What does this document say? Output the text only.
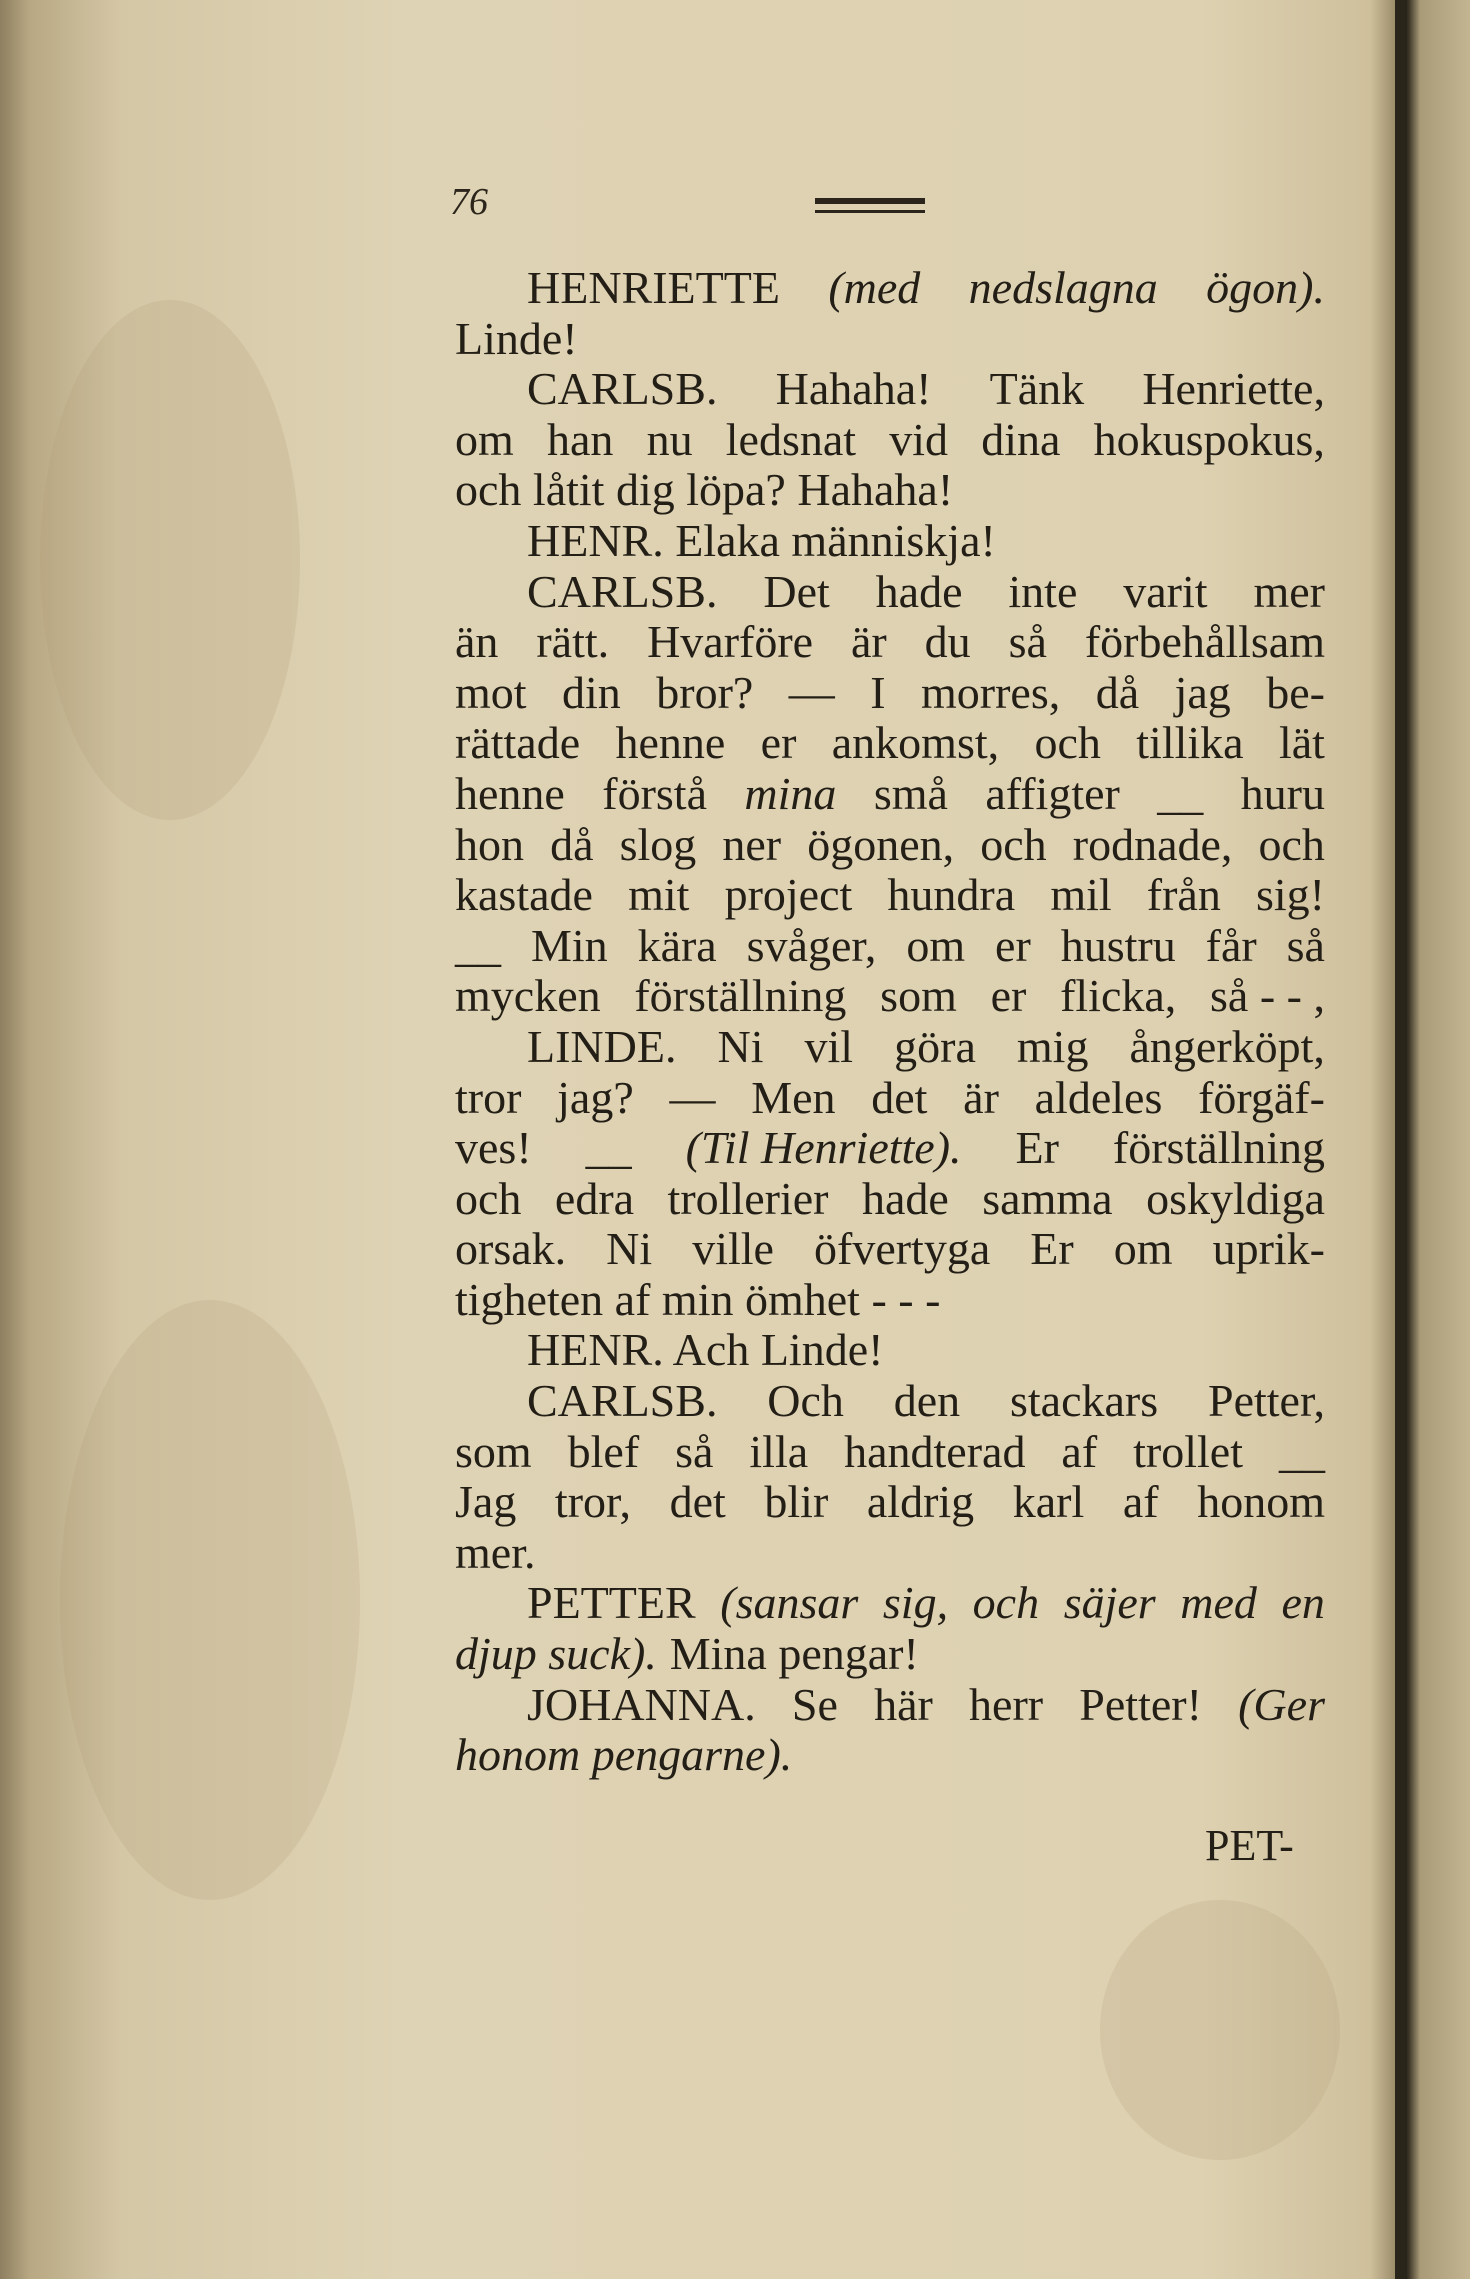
76
HENRIETTE (med nedslagna ögon).
Linde!
CARLSB. Hahaha! Tänk Henriette,
om han nu ledsnat vid dina hokuspokus,
och låtit dig löpa? Hahaha!
HENR. Elaka människja!
CARLSB. Det hade inte varit mer
än rätt. Hvarföre är du så förbehållsam
mot din bror? — I morres, då jag be-
rättade henne er ankomst, och tillika lät
henne förstå mina små affigter __ huru
hon då slog ner ögonen, och rodnade, och
kastade mit project hundra mil från sig!
__ Min kära svåger, om er hustru får så
mycken förställning som er flicka, så - - ,
LINDE. Ni vil göra mig ångerköpt,
tror jag? — Men det är aldeles förgäf-
ves! __ (Til Henriette). Er förställning
och edra trollerier hade samma oskyldiga
orsak. Ni ville öfvertyga Er om uprik-
tigheten af min ömhet - - -
HENR. Ach Linde!
CARLSB. Och den stackars Petter,
som blef så illa handterad af trollet __
Jag tror, det blir aldrig karl af honom
mer.
PETTER (sansar sig, och säjer med en
djup suck). Mina pengar!
JOHANNA. Se här herr Petter! (Ger
honom pengarne).
PET-
